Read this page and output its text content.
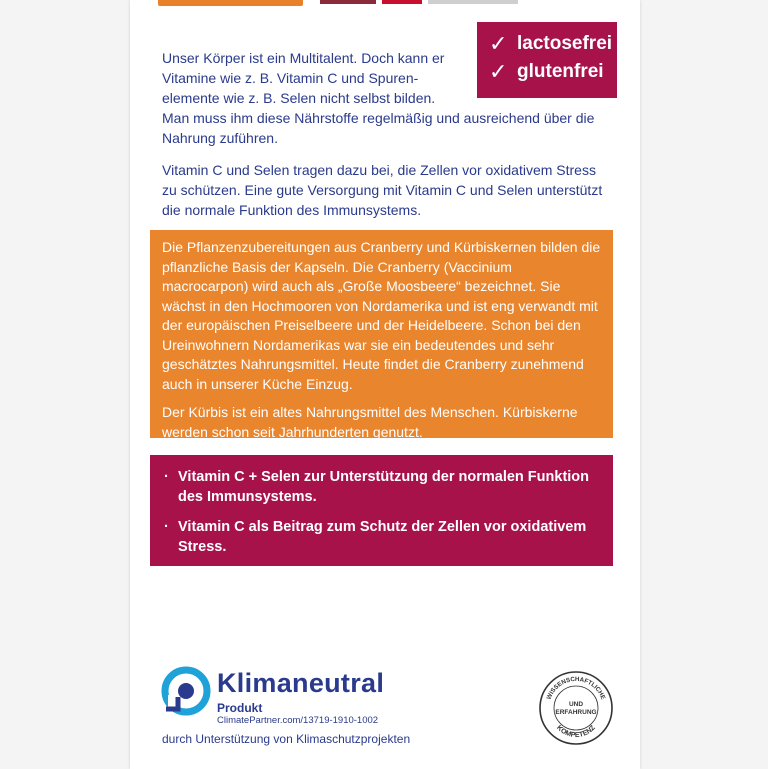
✓ lactosefrei
✓ glutenfrei

Unser Körper ist ein Multitalent. Doch kann er Vitamine wie z. B. Vitamin C und Spurenelemente wie z. B. Selen nicht selbst bilden.

Man muss ihm diese Nährstoffe regelmäßig und ausreichend über die Nahrung zuführen.

Vitamin C und Selen tragen dazu bei, die Zellen vor oxidativem Stress zu schützen. Eine gute Versorgung mit Vitamin C und Selen unterstützt die normale Funktion des Immunsystems.

Die Pflanzenzubereitungen aus Cranberry und Kürbiskernen bilden die pflanzliche Basis der Kapseln. Die Cranberry (Vaccinium macrocarpon) wird auch als „Große Moosbeere“ bezeichnet. Sie wächst in den Hochmooren von Nordamerika und ist eng verwandt mit der europäischen Preiselbeere und der Heidelbeere. Schon bei den Ureinwohnern Nordamerikas war sie ein bedeutendes und sehr geschätztes Nahrungsmittel. Heute findet die Cranberry zunehmend auch in unserer Küche Einzug.

Der Kürbis ist ein altes Nahrungsmittel des Menschen. Kürbiskerne werden schon seit Jahrhunderten genutzt.

· Vitamin C + Selen zur Unterstützung der normalen Funktion des Immunsystems.
· Vitamin C als Beitrag zum Schutz der Zellen vor oxidativem Stress.
Klimaneutral
Produkt
ClimatePartner.com/13719-1910-1002
durch Unterstützung von Klimaschutzprojekten
WISSENSCHAFTLICHE
KOMPETENZ
UND
ERFAHRUNG
